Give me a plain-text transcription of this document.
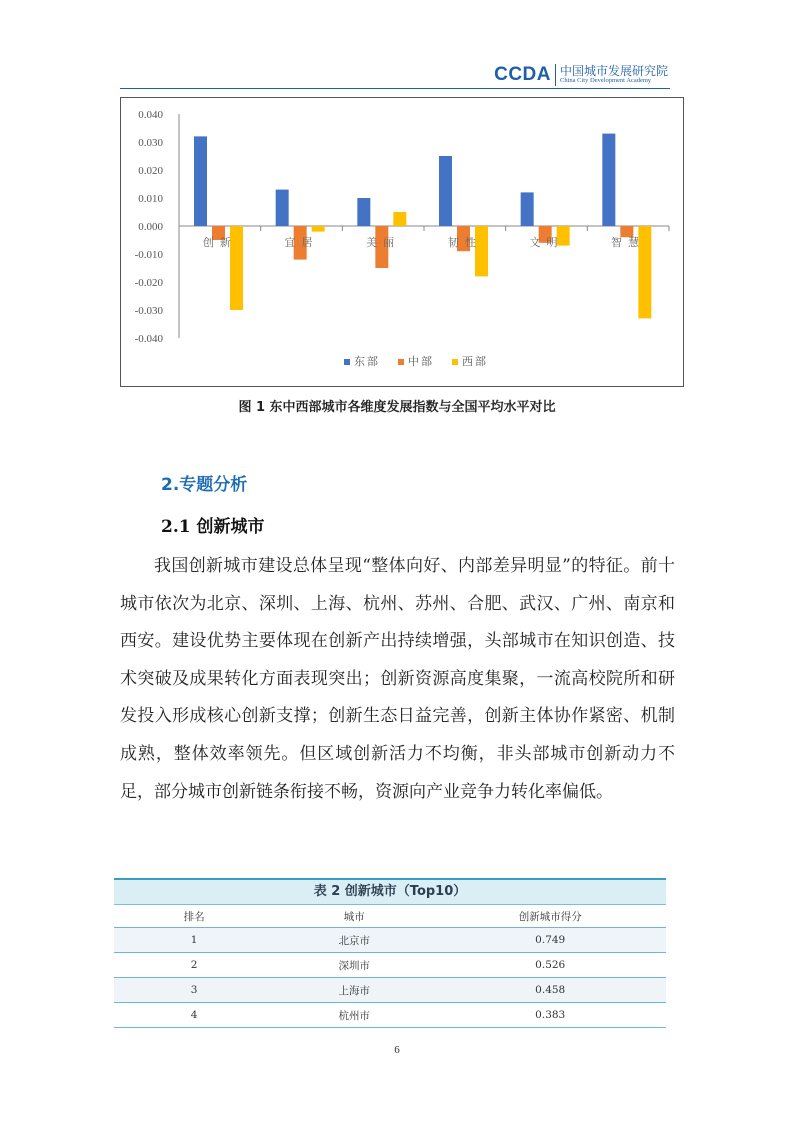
CCDA 中国城市发展研究院
China City Development Academy
0.040
0.030
0.020
0.010
0.000
-0.010
-0.020
-0.030
-0.040
创新	宜居	美丽	韧性	文明	智慧
东部	中部	西部
图 1 东中西部城市各维度发展指数与全国平均水平对比
2.专题分析
2.1 创新城市

我国创新城市建设总体呈现“整体向好、内部差异明显”的特征。前十城市依次为北京、深圳、上海、杭州、苏州、合肥、武汉、广州、南京和西安。建设优势主要体现在创新产出持续增强，头部城市在知识创造、技术突破及成果转化方面表现突出；创新资源高度集聚，一流高校院所和研发投入形成核心创新支撑；创新生态日益完善，创新主体协作紧密、机制成熟，整体效率领先。但区域创新活力不均衡，非头部城市创新动力不足，部分城市创新链条衔接不畅，资源向产业竞争力转化率偏低。

表 2 创新城市（Top10）
排名	城市	创新城市得分
1	北京市	0.749
2	深圳市	0.526
3	上海市	0.458
4	杭州市	0.383
6
